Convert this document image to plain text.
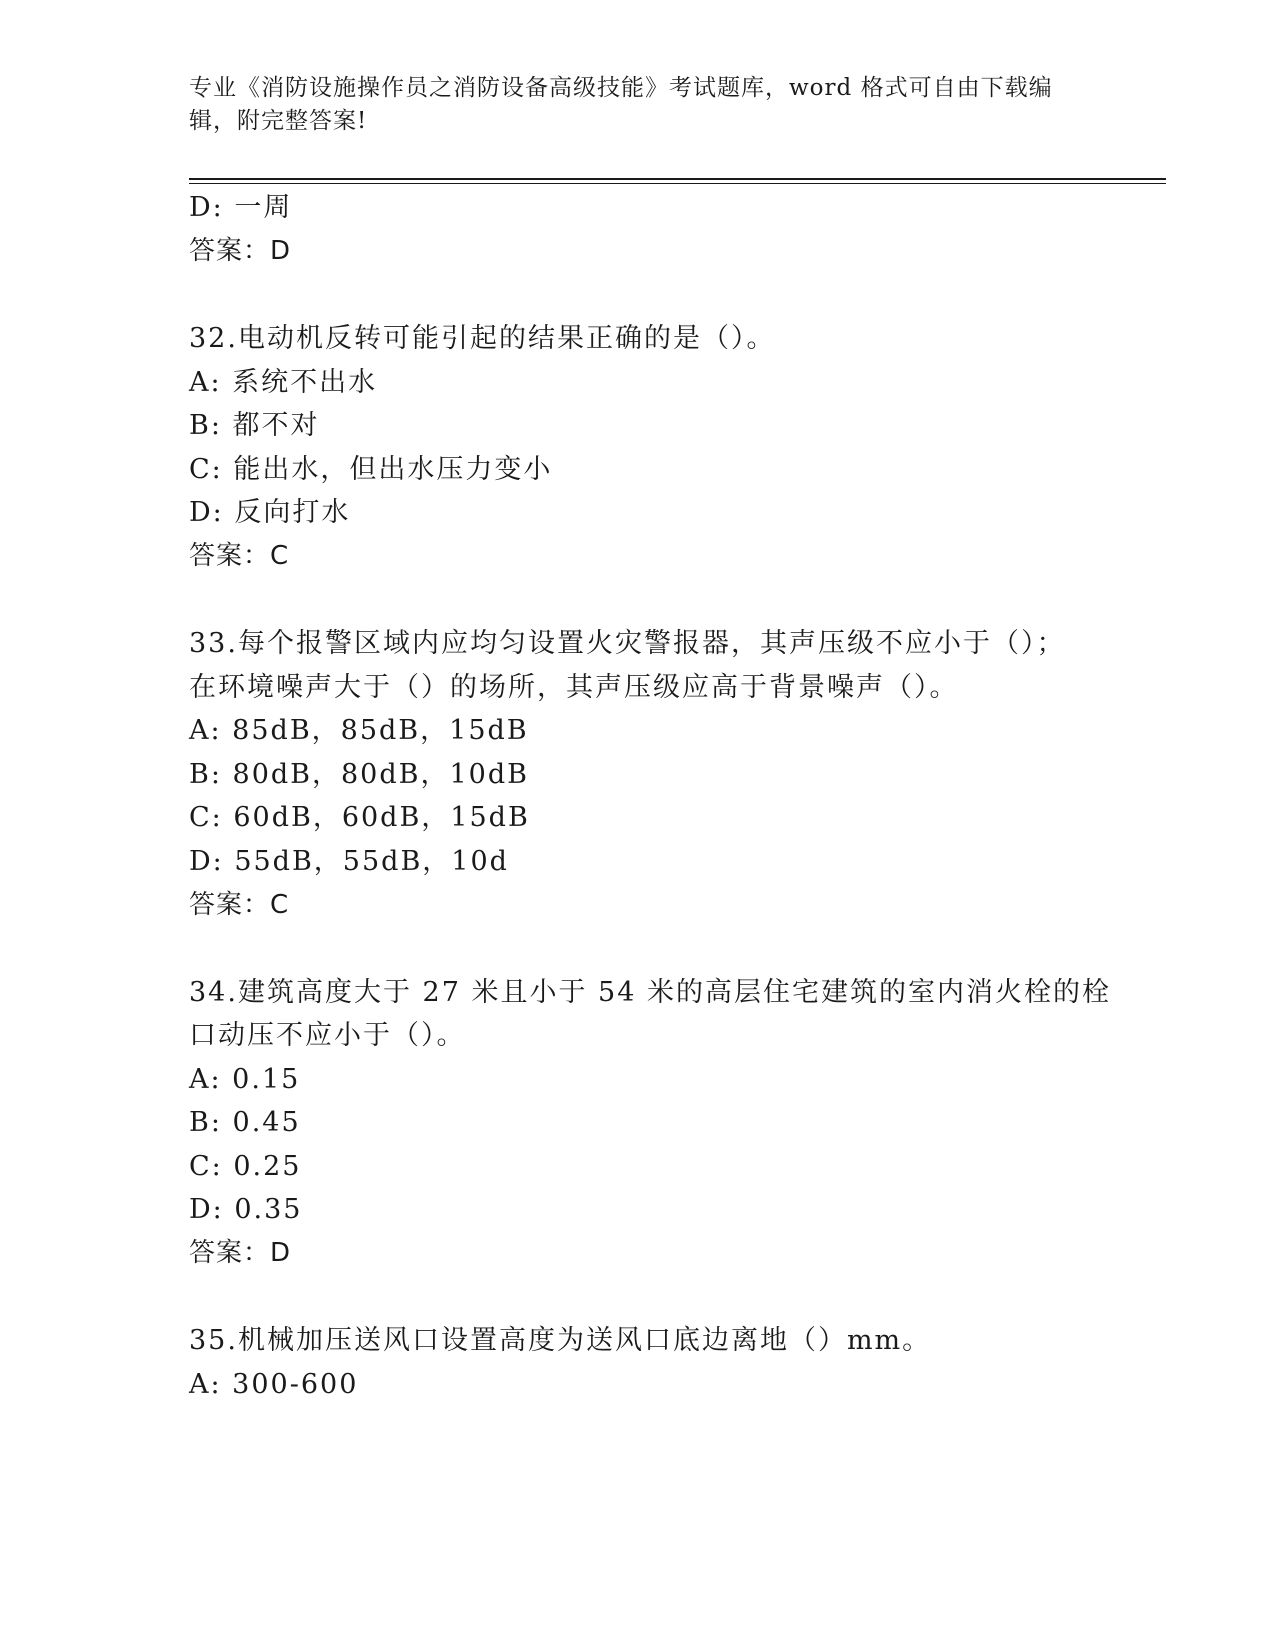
专业《消防设施操作员之消防设备高级技能》考试题库，word 格式可自由下载编
辑，附完整答案!
D: 一周
答案：D
32.电动机反转可能引起的结果正确的是（）。
A: 系统不出水
B: 都不对
C: 能出水，但出水压力变小
D: 反向打水
答案：C
33.每个报警区域内应均匀设置火灾警报器，其声压级不应小于（）；
在环境噪声大于（）的场所，其声压级应高于背景噪声（）。
A: 85dB，85dB，15dB
B: 80dB，80dB，10dB
C: 60dB，60dB，15dB
D: 55dB，55dB，10d
答案：C
34.建筑高度大于 27 米且小于 54 米的高层住宅建筑的室内消火栓的栓
口动压不应小于（）。
A: 0.15
B: 0.45
C: 0.25
D: 0.35
答案：D
35.机械加压送风口设置高度为送风口底边离地（）mm。
A: 300-600
